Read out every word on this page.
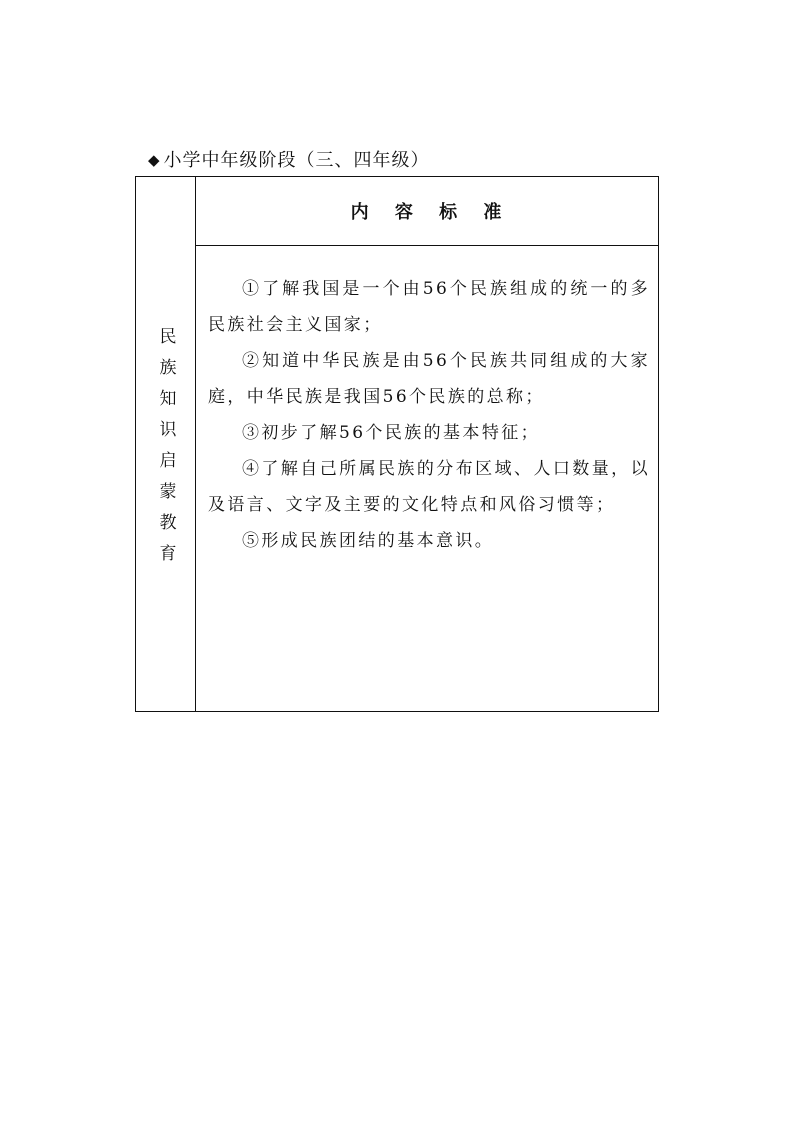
◆ 小学中年级阶段（三、四年级）
民族知识启蒙教育
内 容 标 准

①了解我国是一个由56个民族组成的统一的多民族社会主义国家；

②知道中华民族是由56个民族共同组成的大家庭，中华民族是我国56个民族的总称；

③初步了解56个民族的基本特征；

④了解自己所属民族的分布区域、人口数量，以及语言、文字及主要的文化特点和风俗习惯等；

⑤形成民族团结的基本意识。
